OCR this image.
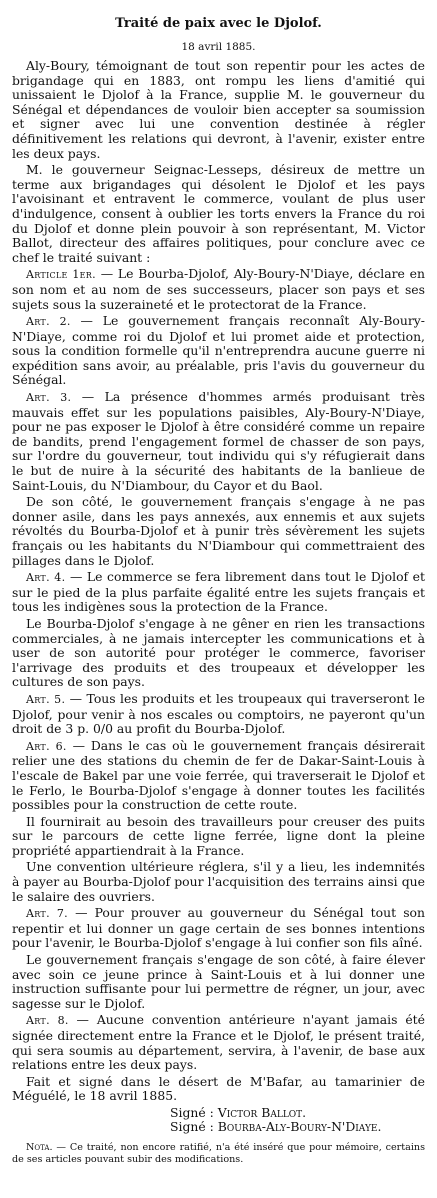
Traité de paix avec le Djolof.
18 avril 1885.

Aly-Boury, témoignant de tout son repentir pour les actes de brigandage qui en 1883, ont rompu les liens d'amitié qui unissaient le Djolof à la France, supplie M. le gouverneur du Sénégal et dépendances de vouloir bien accepter sa soumission et signer avec lui une convention destinée à régler définitivement les relations qui devront, à l'avenir, exister entre les deux pays.

M. le gouverneur Seignac-Lesseps, désireux de mettre un terme aux brigandages qui désolent le Djolof et les pays l'avoisinant et entravent le commerce, voulant de plus user d'indulgence, consent à oublier les torts envers la France du roi du Djolof et donne plein pouvoir à son représentant, M. Victor Ballot, directeur des affaires politiques, pour conclure avec ce chef le traité suivant :

Article 1er. — Le Bourba-Djolof, Aly-Boury-N'Diaye, déclare en son nom et au nom de ses successeurs, placer son pays et ses sujets sous la suzeraineté et le protectorat de la France.

Art. 2. — Le gouvernement français reconnaît Aly-Boury-N'Diaye, comme roi du Djolof et lui promet aide et protection, sous la condition formelle qu'il n'entreprendra aucune guerre ni expédition sans avoir, au préalable, pris l'avis du gouverneur du Sénégal.

Art. 3. — La présence d'hommes armés produisant très mauvais effet sur les populations paisibles, Aly-Boury-N'Diaye, pour ne pas exposer le Djolof à être considéré comme un repaire de bandits, prend l'engagement formel de chasser de son pays, sur l'ordre du gouverneur, tout individu qui s'y réfugierait dans le but de nuire à la sécurité des habitants de la banlieue de Saint-Louis, du N'Diambour, du Cayor et du Baol.

De son côté, le gouvernement français s'engage à ne pas donner asile, dans les pays annexés, aux ennemis et aux sujets révoltés du Bourba-Djolof et à punir très sévèrement les sujets français ou les habitants du N'Diambour qui commettraient des pillages dans le Djolof.

Art. 4. — Le commerce se fera librement dans tout le Djolof et sur le pied de la plus parfaite égalité entre les sujets français et tous les indigènes sous la protection de la France.

Le Bourba-Djolof s'engage à ne gêner en rien les transactions commerciales, à ne jamais intercepter les communications et à user de son autorité pour protéger le commerce, favoriser l'arrivage des produits et des troupeaux et développer les cultures de son pays.

Art. 5. — Tous les produits et les troupeaux qui traverseront le Djolof, pour venir à nos escales ou comptoirs, ne payeront qu'un droit de 3 p. 0/0 au profit du Bourba-Djolof.

Art. 6. — Dans le cas où le gouvernement français désirerait relier une des stations du chemin de fer de Dakar-Saint-Louis à l'escale de Bakel par une voie ferrée, qui traverserait le Djolof et le Ferlo, le Bourba-Djolof s'engage à donner toutes les facilités possibles pour la construction de cette route.

Il fournirait au besoin des travailleurs pour creuser des puits sur le parcours de cette ligne ferrée, ligne dont la pleine propriété appartiendrait à la France.

Une convention ultérieure réglera, s'il y a lieu, les indemnités à payer au Bourba-Djolof pour l'acquisition des terrains ainsi que le salaire des ouvriers.

Art. 7. — Pour prouver au gouverneur du Sénégal tout son repentir et lui donner un gage certain de ses bonnes intentions pour l'avenir, le Bourba-Djolof s'engage à lui confier son fils aîné.

Le gouvernement français s'engage de son côté, à faire élever avec soin ce jeune prince à Saint-Louis et à lui donner une instruction suffisante pour lui permettre de régner, un jour, avec sagesse sur le Djolof.

Art. 8. — Aucune convention antérieure n'ayant jamais été signée directement entre la France et le Djolof, le présent traité, qui sera soumis au département, servira, à l'avenir, de base aux relations entre les deux pays.

Fait et signé dans le désert de M'Bafar, au tamarinier de Méguélé, le 18 avril 1885.

Signé : Victor Ballot.
Signé : Bourba-Aly-Boury-N'Diaye.
Nota. — Ce traité, non encore ratifié, n'a été inséré que pour mémoire, certains de ses articles pouvant subir des modifications.
